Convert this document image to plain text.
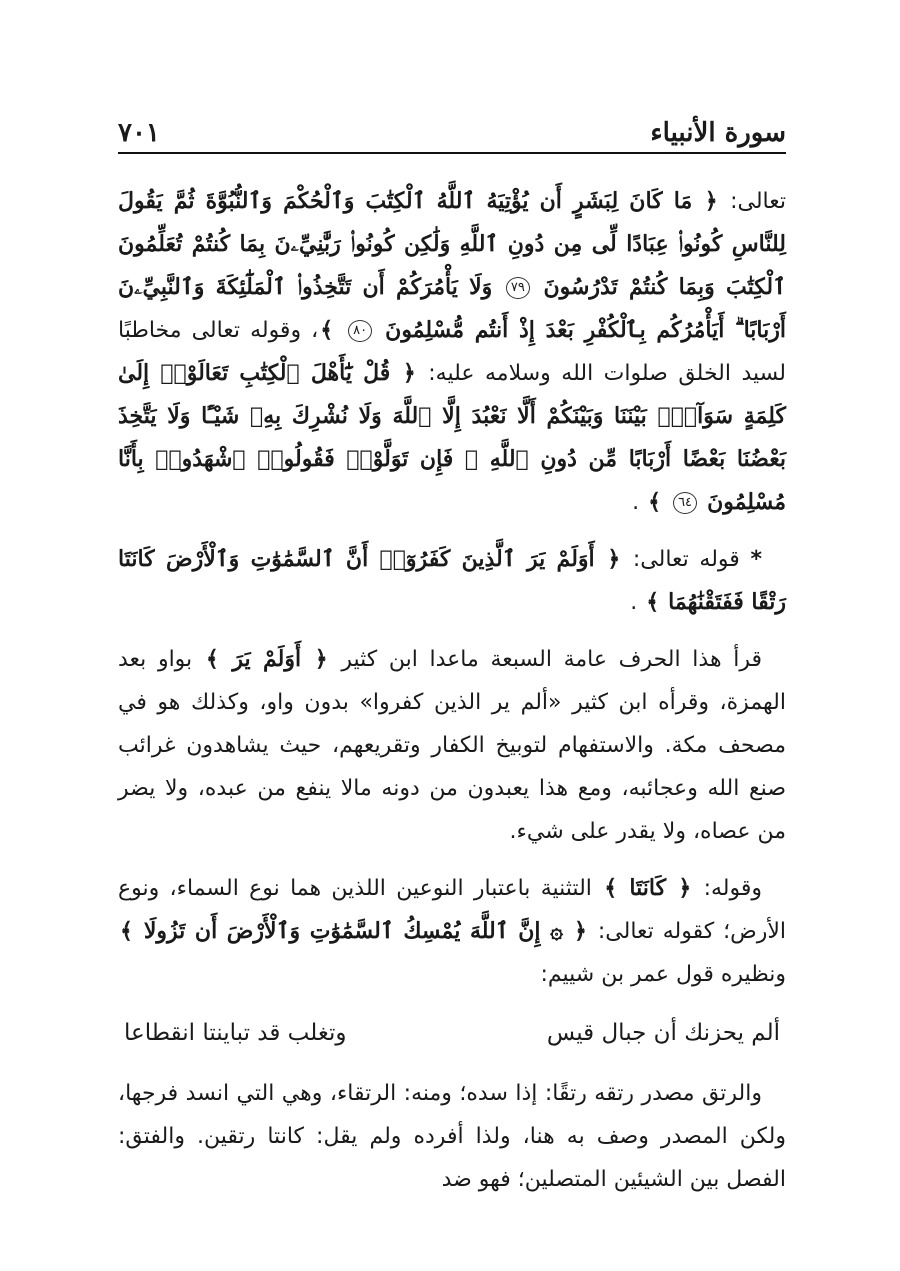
سورة الأنبياء
٧٠١

تعالى: ﴿ مَا كَانَ لِبَشَرٍ أَن يُؤْتِيَهُ ٱللَّهُ ٱلْكِتَٰبَ وَٱلْحُكْمَ وَٱلنُّبُوَّةَ ثُمَّ يَقُولَ لِلنَّاسِ كُونُوا۟ عِبَادًا لِّى مِن دُونِ ٱللَّهِ وَلَٰكِن كُونُوا۟ رَبَّٰنِيِّۦنَ بِمَا كُنتُمْ تُعَلِّمُونَ ٱلْكِتَٰبَ وَبِمَا كُنتُمْ تَدْرُسُونَ ٧٩ وَلَا يَأْمُرَكُمْ أَن تَتَّخِذُوا۟ ٱلْمَلَٰٓئِكَةَ وَٱلنَّبِيِّۦنَ أَرْبَابًا ۗ أَيَأْمُرُكُم بِٱلْكُفْرِ بَعْدَ إِذْ أَنتُم مُّسْلِمُونَ ٨٠ ﴾، وقوله تعالى مخاطبًا لسيد الخلق صلوات الله وسلامه عليه: ﴿ قُلْ يَٰٓأَهْلَ ٱلْكِتَٰبِ تَعَالَوْا۟ إِلَىٰ كَلِمَةٍ سَوَآءٍۭ بَيْنَنَا وَبَيْنَكُمْ أَلَّا نَعْبُدَ إِلَّا ٱللَّهَ وَلَا نُشْرِكَ بِهِۦ شَيْـًٔا وَلَا يَتَّخِذَ بَعْضُنَا بَعْضًا أَرْبَابًا مِّن دُونِ ٱللَّهِ ۚ فَإِن تَوَلَّوْا۟ فَقُولُوا۟ ٱشْهَدُوا۟ بِأَنَّا مُسْلِمُونَ ٦٤ ﴾ .

* قوله تعالى: ﴿ أَوَلَمْ يَرَ ٱلَّذِينَ كَفَرُوٓا۟ أَنَّ ٱلسَّمَٰوَٰتِ وَٱلْأَرْضَ كَانَتَا رَتْقًا فَفَتَقْنَٰهُمَا ﴾ .

قرأ هذا الحرف عامة السبعة ماعدا ابن كثير ﴿ أَوَلَمْ يَرَ ﴾ بواو بعد الهمزة، وقرأه ابن كثير «ألم ير الذين كفروا» بدون واو، وكذلك هو في مصحف مكة. والاستفهام لتوبيخ الكفار وتقريعهم، حيث يشاهدون غرائب صنع الله وعجائبه، ومع هذا يعبدون من دونه مالا ينفع من عبده، ولا يضر من عصاه، ولا يقدر على شيء.

وقوله: ﴿ كَانَتَا ﴾ التثنية باعتبار النوعين اللذين هما نوع السماء، ونوع الأرض؛ كقوله تعالى: ﴿ ۞ إِنَّ ٱللَّهَ يُمْسِكُ ٱلسَّمَٰوَٰتِ وَٱلْأَرْضَ أَن تَزُولَا ﴾ ونظيره قول عمر بن شييم:

ألم يحزنك أن جبال قيس
وتغلب قد تباينتا انقطاعا

والرتق مصدر رتقه رتقًا: إذا سده؛ ومنه: الرتقاء، وهي التي انسد فرجها، ولكن المصدر وصف به هنا، ولذا أفرده ولم يقل: كانتا رتقين. والفتق: الفصل بين الشيئين المتصلين؛ فهو ضد
